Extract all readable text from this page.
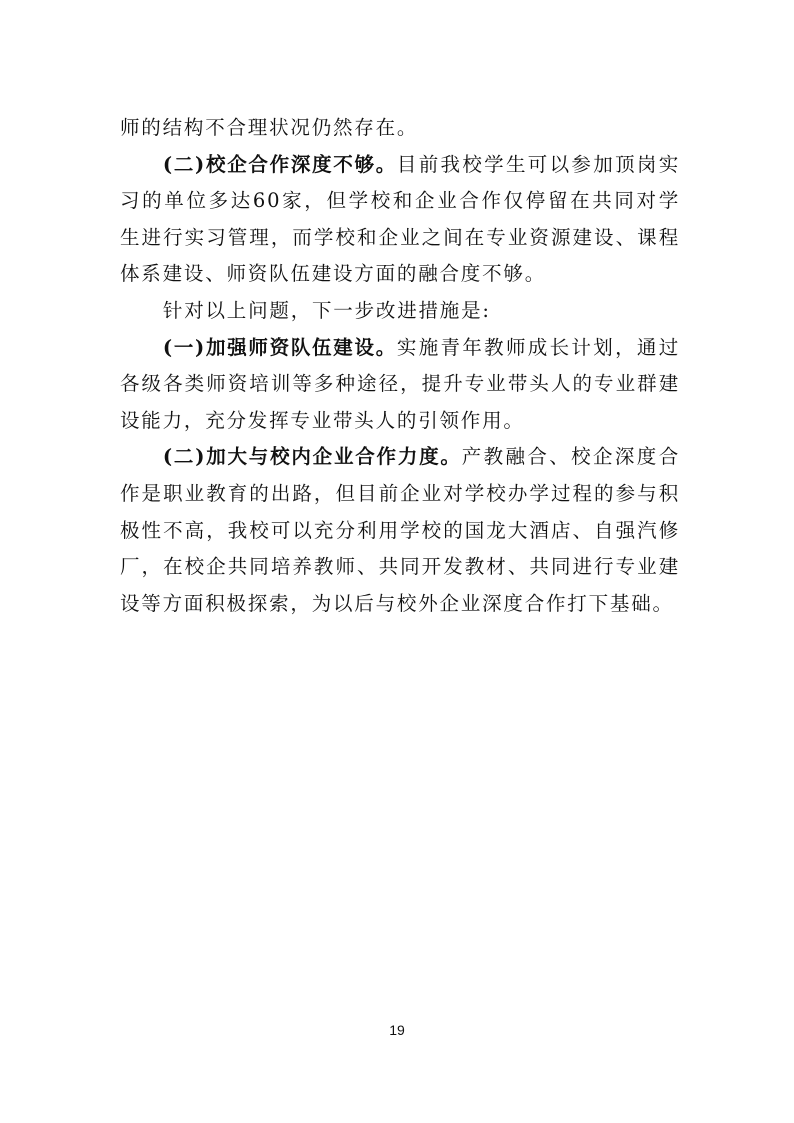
师的结构不合理状况仍然存在。

(二)校企合作深度不够。目前我校学生可以参加顶岗实习的单位多达60家，但学校和企业合作仅停留在共同对学生进行实习管理，而学校和企业之间在专业资源建设、课程体系建设、师资队伍建设方面的融合度不够。

针对以上问题，下一步改进措施是:

(一)加强师资队伍建设。实施青年教师成长计划，通过各级各类师资培训等多种途径，提升专业带头人的专业群建设能力，充分发挥专业带头人的引领作用。

(二)加大与校内企业合作力度。产教融合、校企深度合作是职业教育的出路，但目前企业对学校办学过程的参与积极性不高，我校可以充分利用学校的国龙大酒店、自强汽修厂，在校企共同培养教师、共同开发教材、共同进行专业建设等方面积极探索，为以后与校外企业深度合作打下基础。

19
